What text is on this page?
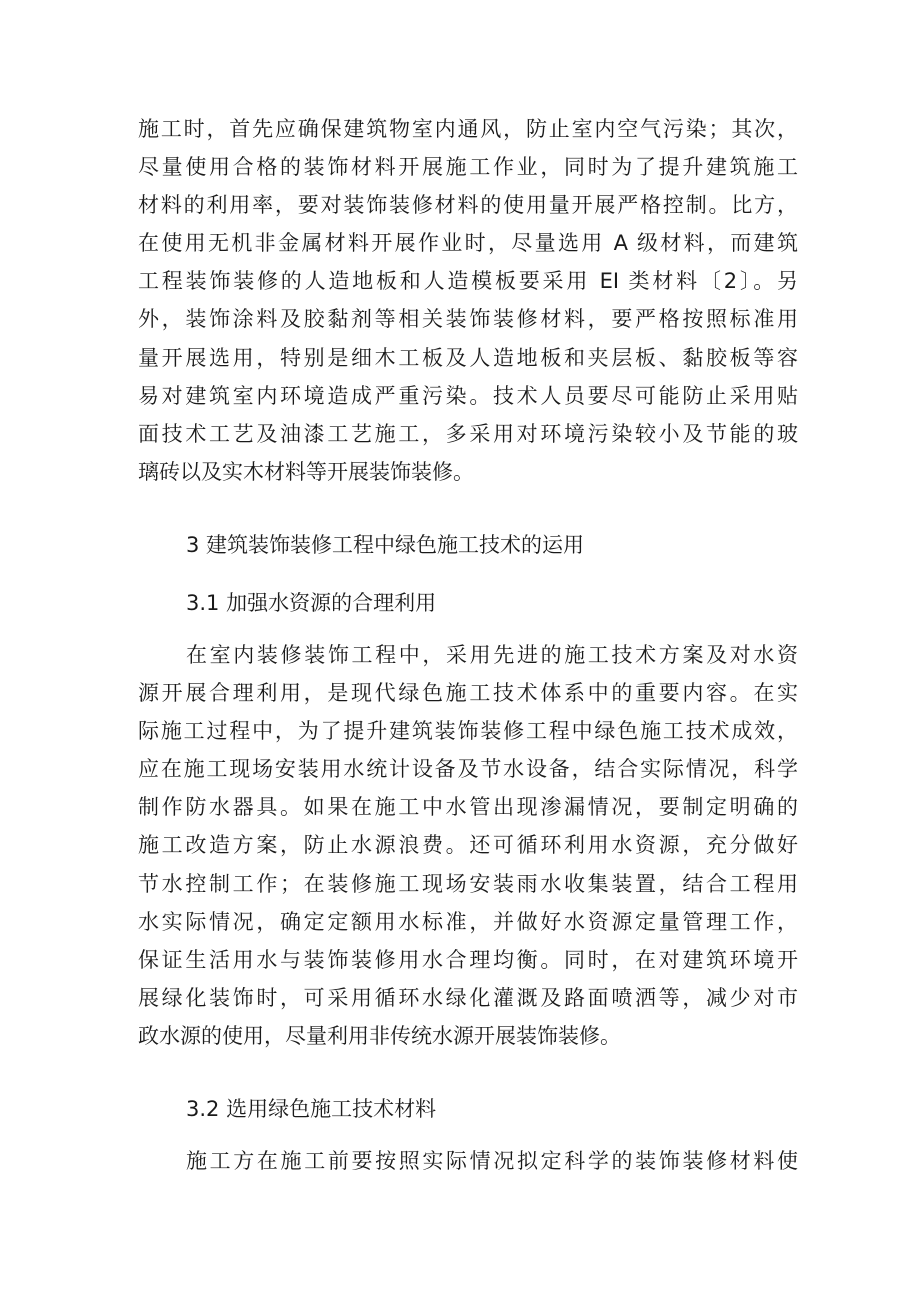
施工时，首先应确保建筑物室内通风，防止室内空气污染；其次，
尽量使用合格的装饰材料开展施工作业，同时为了提升建筑施工
材料的利用率，要对装饰装修材料的使用量开展严格控制。比方，
在使用无机非金属材料开展作业时，尽量选用 A 级材料，而建筑
工程装饰装修的人造地板和人造模板要采用 EI 类材料〔2〕。另
外，装饰涂料及胶黏剂等相关装饰装修材料，要严格按照标准用
量开展选用，特别是细木工板及人造地板和夹层板、黏胶板等容
易对建筑室内环境造成严重污染。技术人员要尽可能防止采用贴
面技术工艺及油漆工艺施工，多采用对环境污染较小及节能的玻
璃砖以及实木材料等开展装饰装修。
3 建筑装饰装修工程中绿色施工技术的运用
3.1 加强水资源的合理利用
在室内装修装饰工程中，采用先进的施工技术方案及对水资
源开展合理利用，是现代绿色施工技术体系中的重要内容。在实
际施工过程中，为了提升建筑装饰装修工程中绿色施工技术成效，
应在施工现场安装用水统计设备及节水设备，结合实际情况，科学
制作防水器具。如果在施工中水管出现渗漏情况，要制定明确的
施工改造方案，防止水源浪费。还可循环利用水资源，充分做好
节水控制工作；在装修施工现场安装雨水收集装置，结合工程用
水实际情况，确定定额用水标准，并做好水资源定量管理工作，
保证生活用水与装饰装修用水合理均衡。同时，在对建筑环境开
展绿化装饰时，可采用循环水绿化灌溉及路面喷洒等，减少对市
政水源的使用，尽量利用非传统水源开展装饰装修。
3.2 选用绿色施工技术材料
施工方在施工前要按照实际情况拟定科学的装饰装修材料使
